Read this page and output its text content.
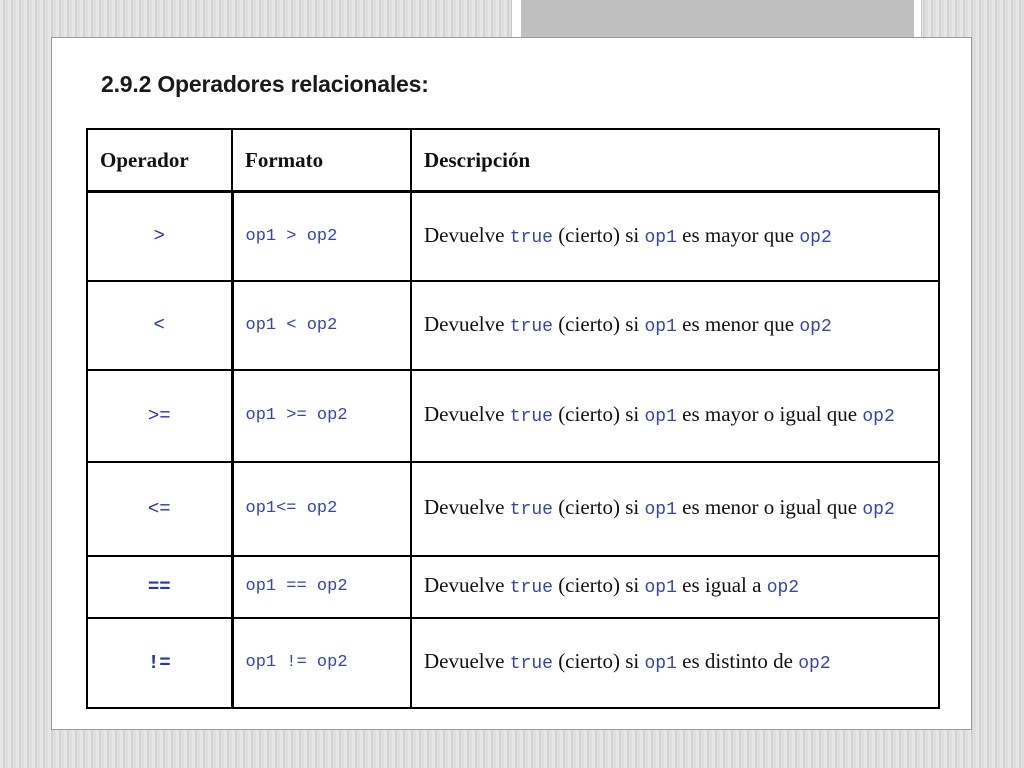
2.9.2 Operadores relacionales:
Operador	Formato	Descripción
>	op1 > op2	Devuelve true (cierto) si op1 es mayor que op2
<	op1 < op2	Devuelve true (cierto) si op1 es menor que op2
>=	op1 >= op2	Devuelve true (cierto) si op1 es mayor o igual que op2
<=	op1<= op2	Devuelve true (cierto) si op1 es menor o igual que op2
==	op1 == op2	Devuelve true (cierto) si op1 es igual a op2
!=	op1 != op2	Devuelve true (cierto) si op1 es distinto de op2
